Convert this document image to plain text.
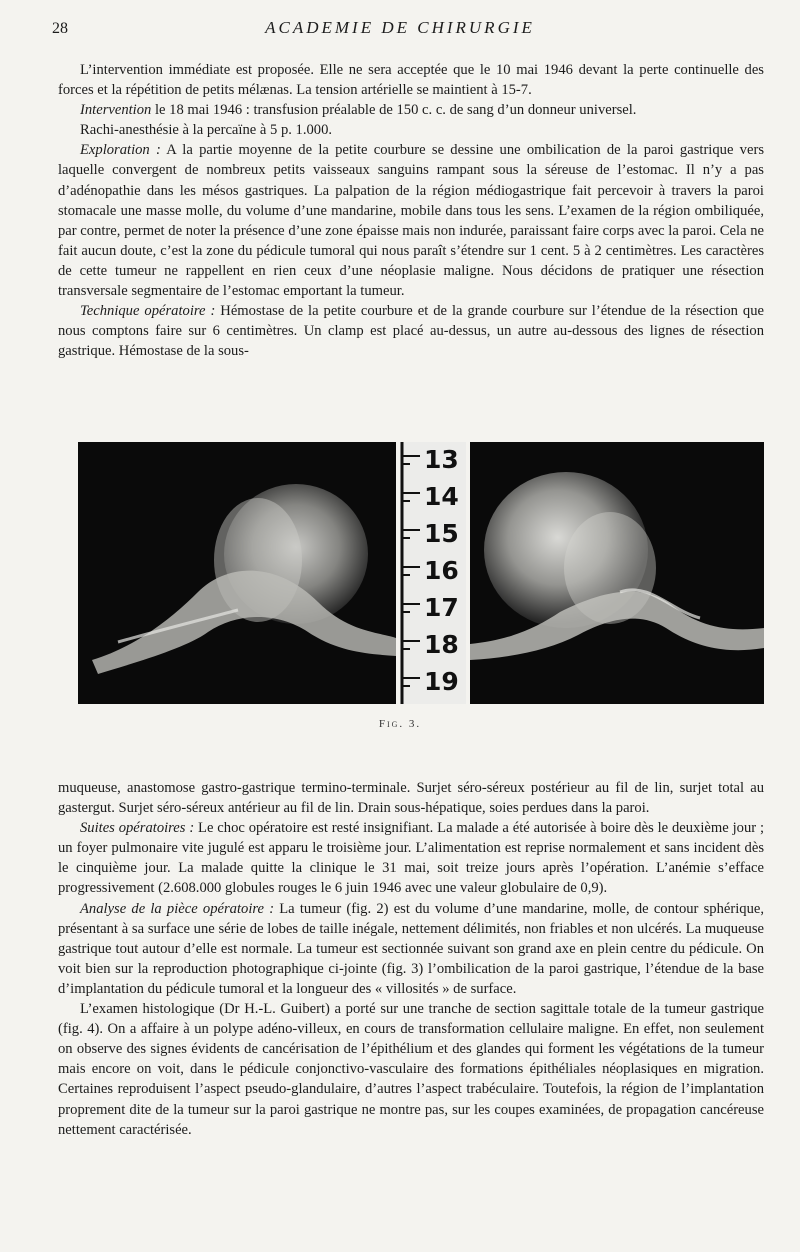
28	ACADEMIE DE CHIRURGIE

L’intervention immédiate est proposée. Elle ne sera acceptée que le 10 mai 1946 devant la perte continuelle des forces et la répétition de petits mélænas. La tension artérielle se maintient à 15-7.

Intervention le 18 mai 1946 : transfusion préalable de 150 c. c. de sang d’un donneur universel.

Rachi-anesthésie à la percaïne à 5 p. 1.000.

Exploration : A la partie moyenne de la petite courbure se dessine une ombilication de la paroi gastrique vers laquelle convergent de nombreux petits vaisseaux sanguins rampant sous la séreuse de l’estomac. Il n’y a pas d’adénopathie dans les mésos gastriques. La palpation de la région médiogastrique fait percevoir à travers la paroi stomacale une masse molle, du volume d’une mandarine, mobile dans tous les sens. L’examen de la région ombiliquée, par contre, permet de noter la présence d’une zone épaisse mais non indurée, paraissant faire corps avec la paroi. Cela ne fait aucun doute, c’est la zone du pédicule tumoral qui nous paraît s’étendre sur 1 cent. 5 à 2 centimètres. Les caractères de cette tumeur ne rappellent en rien ceux d’une néoplasie maligne. Nous décidons de pratiquer une résection transversale segmentaire de l’estomac emportant la tumeur.

Technique opératoire : Hémostase de la petite courbure et de la grande courbure sur l’étendue de la résection que nous comptons faire sur 6 centimètres. Un clamp est placé au-dessus, un autre au-dessous des lignes de résection gastrique. Hémostase de la sous-

13
14
15
16
17
18
19
Fig. 3.

muqueuse, anastomose gastro-gastrique termino-terminale. Surjet séro-séreux postérieur au fil de lin, surjet total au gastergut. Surjet séro-séreux antérieur au fil de lin. Drain sous-hépatique, soies perdues dans la paroi.

Suites opératoires : Le choc opératoire est resté insignifiant. La malade a été autorisée à boire dès le deuxième jour ; un foyer pulmonaire vite jugulé est apparu le troisième jour. L’alimentation est reprise normalement et sans incident dès le cinquième jour. La malade quitte la clinique le 31 mai, soit treize jours après l’opération. L’anémie s’efface progressivement (2.608.000 globules rouges le 6 juin 1946 avec une valeur globulaire de 0,9).

Analyse de la pièce opératoire : La tumeur (fig. 2) est du volume d’une mandarine, molle, de contour sphérique, présentant à sa surface une série de lobes de taille inégale, nettement délimités, non friables et non ulcérés. La muqueuse gastrique tout autour d’elle est normale. La tumeur est sectionnée suivant son grand axe en plein centre du pédicule. On voit bien sur la reproduction photographique ci-jointe (fig. 3) l’ombilication de la paroi gastrique, l’étendue de la base d’implantation du pédicule tumoral et la longueur des « villosités » de surface.

L’examen histologique (Dr H.-L. Guibert) a porté sur une tranche de section sagittale totale de la tumeur gastrique (fig. 4). On a affaire à un polype adéno-villeux, en cours de transformation cellulaire maligne. En effet, non seulement on observe des signes évidents de cancérisation de l’épithélium et des glandes qui forment les végétations de la tumeur mais encore on voit, dans le pédicule conjonctivo-vasculaire des formations épithéliales néoplasiques en migration. Certaines reproduisent l’aspect pseudo-glandulaire, d’autres l’aspect trabéculaire. Toutefois, la région de l’implantation proprement dite de la tumeur sur la paroi gastrique ne montre pas, sur les coupes examinées, de propagation cancéreuse nettement caractérisée.
